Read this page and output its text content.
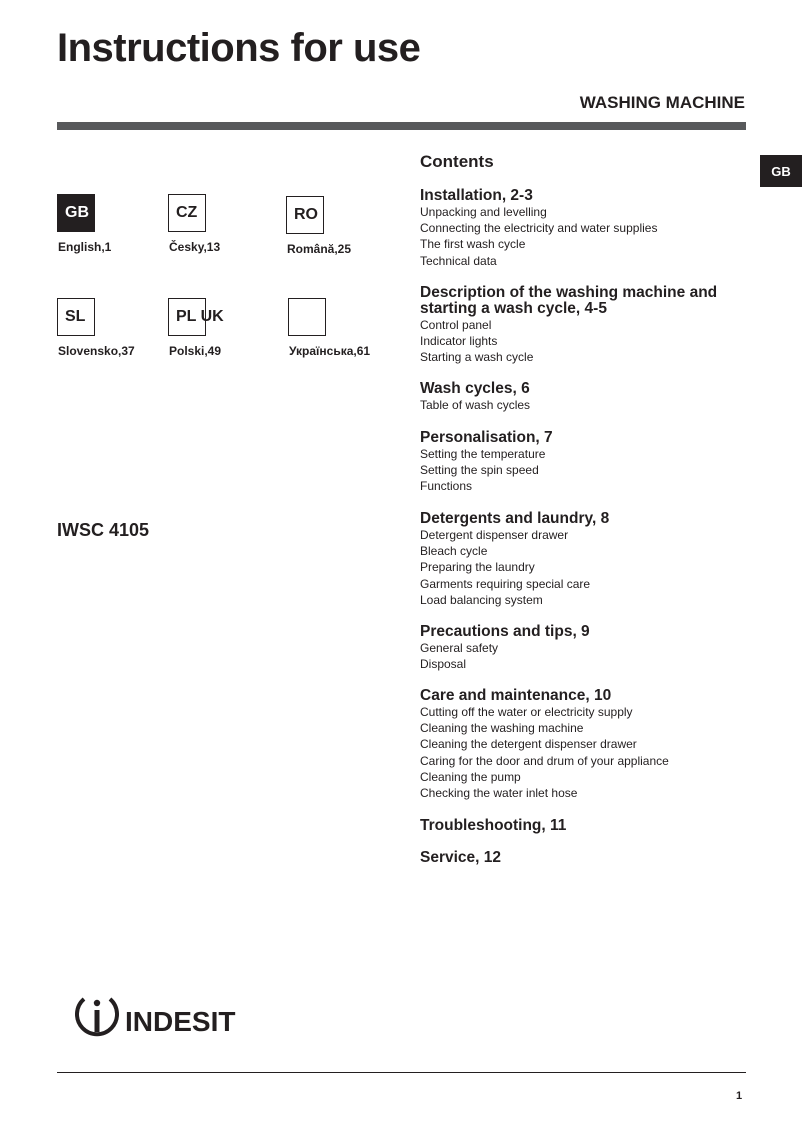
Instructions for use
WASHING MACHINE
GB
GB
English,1
CZ
Česky,13
RO
Română,25
SL
Slovensko,37
PL UK
Polski,49	Українська,61
IWSC 4105
Contents
Installation, 2-3
Unpacking and levelling
Connecting the electricity and water supplies
The first wash cycle
Technical data
Description of the washing machine and starting a wash cycle, 4-5
Control panel
Indicator lights
Starting a wash cycle
Wash cycles, 6
Table of wash cycles
Personalisation, 7
Setting the temperature
Setting the spin speed
Functions
Detergents and laundry, 8
Detergent dispenser drawer
Bleach cycle
Preparing the laundry
Garments requiring special care
Load balancing system
Precautions and tips, 9
General safety
Disposal
Care and maintenance, 10
Cutting off the water or electricity supply
Cleaning the washing machine
Cleaning the detergent dispenser drawer
Caring for the door and drum of your appliance
Cleaning the pump
Checking the water inlet hose
Troubleshooting, 11
Service, 12
INDESIT
1
